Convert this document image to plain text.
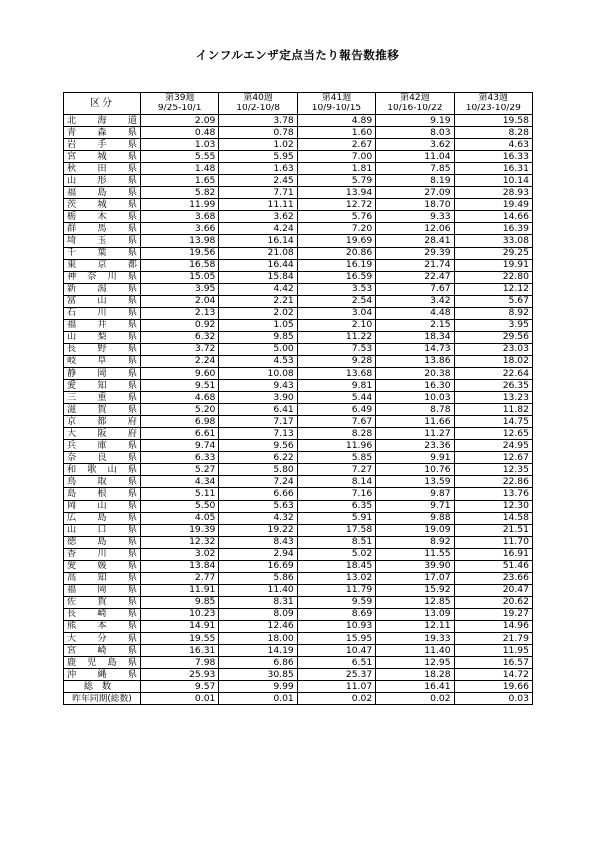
インフルエンザ定点当たり報告数推移
区分	第39週	第40週	第41週	第42週	第43週
	9/25-10/1	10/2-10/8	10/9-10/15	10/16-10/22	10/23-10/29
北海道	2.09	3.78	4.89	9.19	19.58
青森県	0.48	0.78	1.60	8.03	8.28
岩手県	1.03	1.02	2.67	3.62	4.63
宮城県	5.55	5.95	7.00	11.04	16.33
秋田県	1.48	1.63	1.81	7.85	16.31
山形県	1.65	2.45	5.79	8.19	10.14
福島県	5.82	7.71	13.94	27.09	28.93
茨城県	11.99	11.11	12.72	18.70	19.49
栃木県	3.68	3.62	5.76	9.33	14.66
群馬県	3.66	4.24	7.20	12.06	16.39
埼玉県	13.98	16.14	19.69	28.41	33.08
千葉県	19.56	21.08	20.86	29.39	29.25
東京都	16.58	16.44	16.19	21.74	19.91
神奈川県	15.05	15.84	16.59	22.47	22.80
新潟県	3.95	4.42	3.53	7.67	12.12
富山県	2.04	2.21	2.54	3.42	5.67
石川県	2.13	2.02	3.04	4.48	8.92
福井県	0.92	1.05	2.10	2.15	3.95
山梨県	6.32	9.85	11.22	18.34	29.56
長野県	3.72	5.00	7.53	14.73	23.03
岐阜県	2.24	4.53	9.28	13.86	18.02
静岡県	9.60	10.08	13.68	20.38	22.64
愛知県	9.51	9.43	9.81	16.30	26.35
三重県	4.68	3.90	5.44	10.03	13.23
滋賀県	5.20	6.41	6.49	8.78	11.82
京都府	6.98	7.17	7.67	11.66	14.75
大阪府	6.61	7.13	8.28	11.27	12.65
兵庫県	9.74	9.56	11.96	23.36	24.95
奈良県	6.33	6.22	5.85	9.91	12.67
和歌山県	5.27	5.80	7.27	10.76	12.35
鳥取県	4.34	7.24	8.14	13.59	22.86
島根県	5.11	6.66	7.16	9.87	13.76
岡山県	5.50	5.63	6.35	9.71	12.30
広島県	4.05	4.32	5.91	9.88	14.58
山口県	19.39	19.22	17.58	19.09	21.51
徳島県	12.32	8.43	8.51	8.92	11.70
香川県	3.02	2.94	5.02	11.55	16.91
愛媛県	13.84	16.69	18.45	39.90	51.46
高知県	2.77	5.86	13.02	17.07	23.66
福岡県	11.91	11.40	11.79	15.92	20.47
佐賀県	9.85	8.31	9.59	12.85	20.62
長崎県	10.23	8.09	8.69	13.09	19.27
熊本県	14.91	12.46	10.93	12.11	14.96
大分県	19.55	18.00	15.95	19.33	21.79
宮崎県	16.31	14.19	10.47	11.40	11.95
鹿児島県	7.98	6.86	6.51	12.95	16.57
沖縄県	25.93	30.85	25.37	18.28	14.72
総数	9.57	9.99	11.07	16.41	19.66
昨年同期(総数)	0.01	0.01	0.02	0.02	0.03
